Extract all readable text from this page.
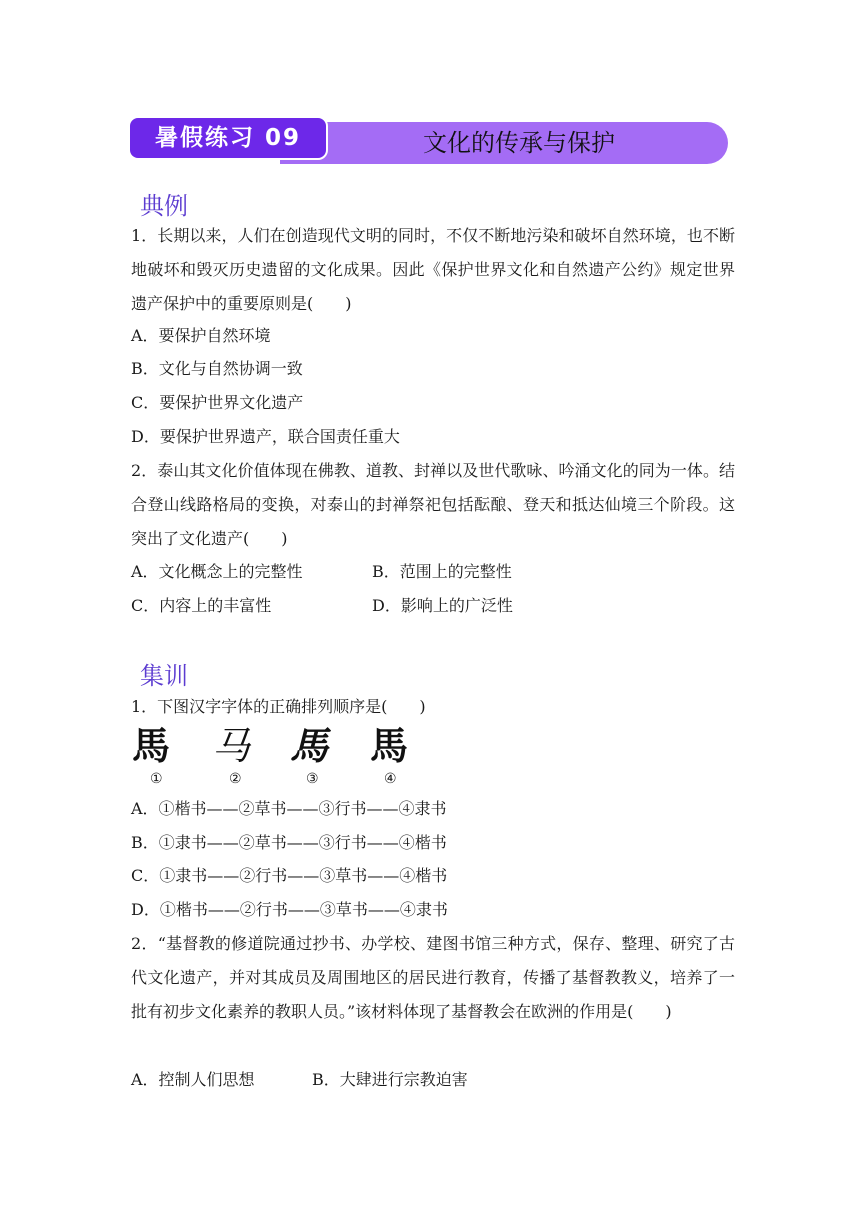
文化的传承与保护
暑假练习 09
典例

1．长期以来，人们在创造现代文明的同时，不仅不断地污染和破坏自然环境，也不断地破坏和毁灭历史遗留的文化成果。因此《保护世界文化和自然遗产公约》规定世界遗产保护中的重要原则是(　　)

A．要保护自然环境
B．文化与自然协调一致
C．要保护世界文化遗产
D．要保护世界遗产，联合国责任重大

2．泰山其文化价值体现在佛教、道教、封禅以及世代歌咏、吟涌文化的同为一体。结合登山线路格局的变换，对泰山的封禅祭祀包括酝酿、登天和抵达仙境三个阶段。这突出了文化遗产(　　)

A．文化概念上的完整性	B．范围上的完整性
C．内容上的丰富性	D．影响上的广泛性
集训
1．下图汉字字体的正确排列顺序是(　　)
馬 马 馬 馬
①	②	③	④
A．①楷书——②草书——③行书——④隶书
B．①隶书——②草书——③行书——④楷书
C．①隶书——②行书——③草书——④楷书
D．①楷书——②行书——③草书——④隶书

2．“基督教的修道院通过抄书、办学校、建图书馆三种方式，保存、整理、研究了古代文化遗产，并对其成员及周围地区的居民进行教育，传播了基督教教义，培养了一批有初步文化素养的教职人员。”该材料体现了基督教会在欧洲的作用是(　　)

A．控制人们思想	B．大肆进行宗教迫害
